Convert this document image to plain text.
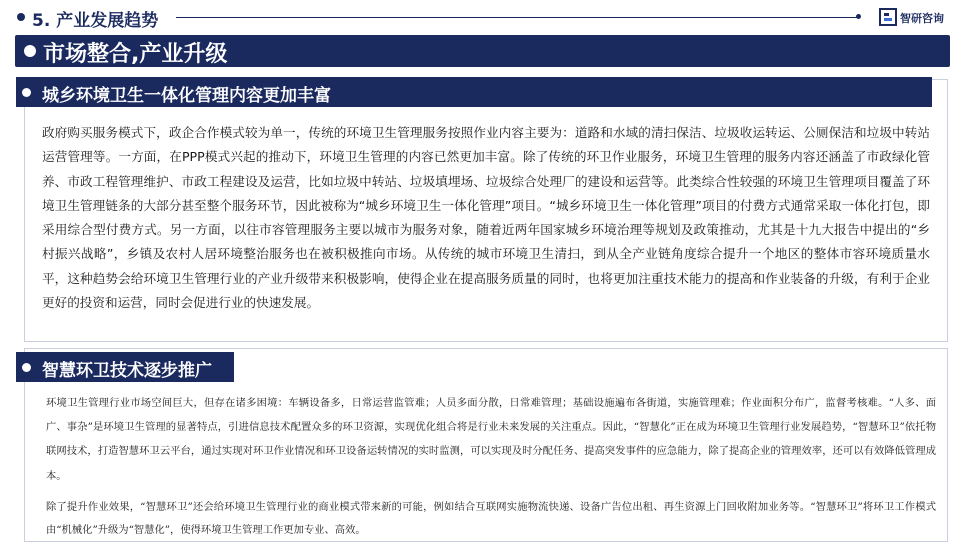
5. 产业发展趋势	智研咨询
市场整合,产业升级
城乡环境卫生一体化管理内容更加丰富
政府购买服务模式下，政企合作模式较为单一，传统的环境卫生管理服务按照作业内容主要为：道路和水域的清扫保洁、垃圾收运转运、公厕保洁和垃圾中转站运营管理等。一方面，在PPP模式兴起的推动下，环境卫生管理的内容已然更加丰富。除了传统的环卫作业服务，环境卫生管理的服务内容还涵盖了市政绿化管养、市政工程管理维护、市政工程建设及运营，比如垃圾中转站、垃圾填埋场、垃圾综合处理厂的建设和运营等。此类综合性较强的环境卫生管理项目覆盖了环境卫生管理链条的大部分甚至整个服务环节，因此被称为“城乡环境卫生一体化管理”项目。“城乡环境卫生一体化管理”项目的付费方式通常采取一体化打包，即采用综合型付费方式。另一方面，以往市容管理服务主要以城市为服务对象，随着近两年国家城乡环境治理等规划及政策推动，尤其是十九大报告中提出的“乡村振兴战略”，乡镇及农村人居环境整治服务也在被积极推向市场。从传统的城市环境卫生清扫，到从全产业链角度综合提升一个地区的整体市容环境质量水平，这种趋势会给环境卫生管理行业的产业升级带来积极影响，使得企业在提高服务质量的同时，也将更加注重技术能力的提高和作业装备的升级，有利于企业更好的投资和运营，同时会促进行业的快速发展。
智慧环卫技术逐步推广
环境卫生管理行业市场空间巨大，但存在诸多困境：车辆设备多，日常运营监管难；人员多面分散，日常难管理；基础设施遍布各街道，实施管理难；作业面积分布广，监督考核难。“人多、面广、事杂”是环境卫生管理的显著特点，引进信息技术配置众多的环卫资源，实现优化组合将是行业未来发展的关注重点。因此，“智慧化”正在成为环境卫生管理行业发展趋势，“智慧环卫”依托物联网技术，打造智慧环卫云平台，通过实现对环卫作业情况和环卫设备运转情况的实时监测，可以实现及时分配任务、提高突发事件的应急能力，除了提高企业的管理效率，还可以有效降低管理成本。
除了提升作业效果，“智慧环卫”还会给环境卫生管理行业的商业模式带来新的可能，例如结合互联网实施物流快递、设备广告位出租、再生资源上门回收附加业务等。“智慧环卫”将环卫工作模式由“机械化”升级为“智慧化”，使得环境卫生管理工作更加专业、高效。
